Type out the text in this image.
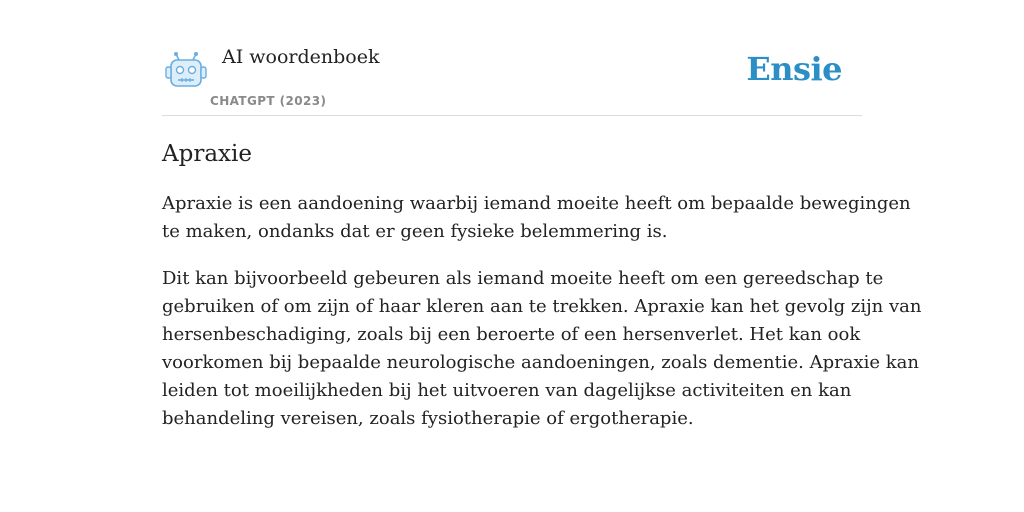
AI woordenboek
CHATGPT (2023)
Ensie
Apraxie

Apraxie is een aandoening waarbij iemand moeite heeft om bepaalde bewegingen
te maken, ondanks dat er geen fysieke belemmering is.

Dit kan bijvoorbeeld gebeuren als iemand moeite heeft om een gereedschap te
gebruiken of om zijn of haar kleren aan te trekken. Apraxie kan het gevolg zijn van
hersenbeschadiging, zoals bij een beroerte of een hersenverlet. Het kan ook
voorkomen bij bepaalde neurologische aandoeningen, zoals dementie. Apraxie kan
leiden tot moeilijkheden bij het uitvoeren van dagelijkse activiteiten en kan
behandeling vereisen, zoals fysiotherapie of ergotherapie.
